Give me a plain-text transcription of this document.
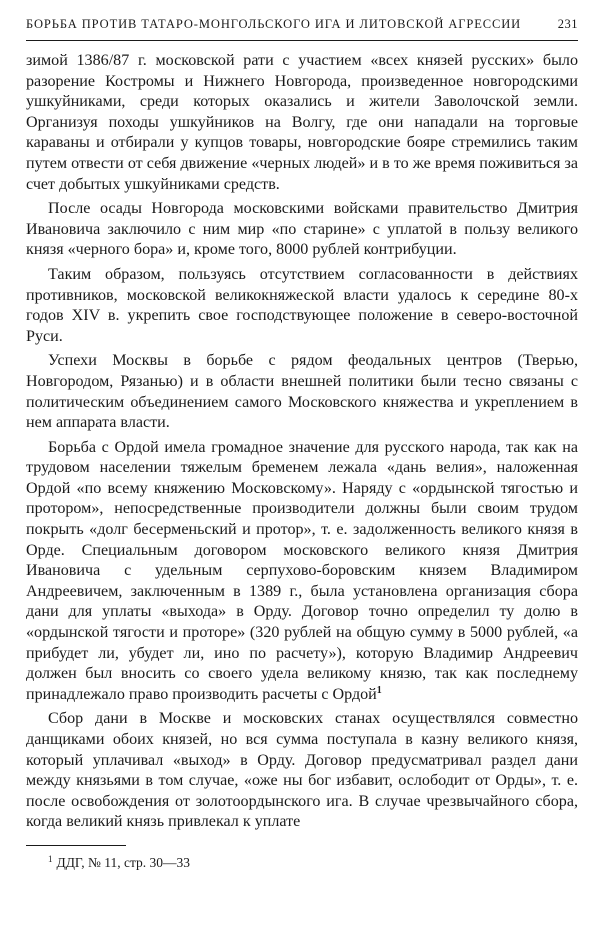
БОРЬБА ПРОТИВ ТАТАРО-МОНГОЛЬСКОГО ИГА И ЛИТОВСКОЙ АГРЕССИИ	231

зимой 1386/87 г. московской рати с участием «всех князей русских» было разорение Костромы и Нижнего Новгорода, произведенное новгородскими ушкуйниками, среди которых оказались и жители Заволочской земли. Организуя походы ушкуйников на Волгу, где они нападали на торговые караваны и отбирали у купцов товары, новгородские бояре стремились таким путем отвести от себя движение «черных людей» и в то же время поживиться за счет добытых ушкуйниками средств.

После осады Новгорода московскими войсками правительство Дмитрия Ивановича заключило с ним мир «по старине» с уплатой в пользу великого князя «черного бора» и, кроме того, 8000 рублей контрибуции.

Таким образом, пользуясь отсутствием согласованности в действиях противников, московской великокняжеской власти удалось к середине 80-х годов XIV в. укрепить свое господствующее положение в северо-восточной Руси.

Успехи Москвы в борьбе с рядом феодальных центров (Тверью, Новгородом, Рязанью) и в области внешней политики были тесно связаны с политическим объединением самого Московского княжества и укреплением в нем аппарата власти.

Борьба с Ордой имела громадное значение для русского народа, так как на трудовом населении тяжелым бременем лежала «дань велия», наложенная Ордой «по всему княжению Московскому». Наряду с «ордынской тягостью и протором», непосредственные производители должны были своим трудом покрыть «долг бесерменьский и протор», т. е. задолженность великого князя в Орде. Специальным договором московского великого князя Дмитрия Ивановича с удельным серпухово-боровским князем Владимиром Андреевичем, заключенным в 1389 г., была установлена организация сбора дани для уплаты «выхода» в Орду. Договор точно определил ту долю в «ордынской тягости и проторе» (320 рублей на общую сумму в 5000 рублей, «а прибудет ли, убудет ли, ино по расчету»), которую Владимир Андреевич должен был вносить со своего удела великому князю, так как последнему принадлежало право производить расчеты с Ордой$^1$

Сбор дани в Москве и московских станах осуществлялся совместно данщиками обоих князей, но вся сумма поступала в казну великого князя, который уплачивал «выход» в Орду. Договор предусматривал раздел дани между князьями в том случае, «оже ны бог избавит, ослободит от Орды», т. е. после освобождения от золотоордынского ига. В случае чрезвычайного сбора, когда великий князь привлекал к уплате

$^1$ ДДГ, № 11, стр. 30—33
